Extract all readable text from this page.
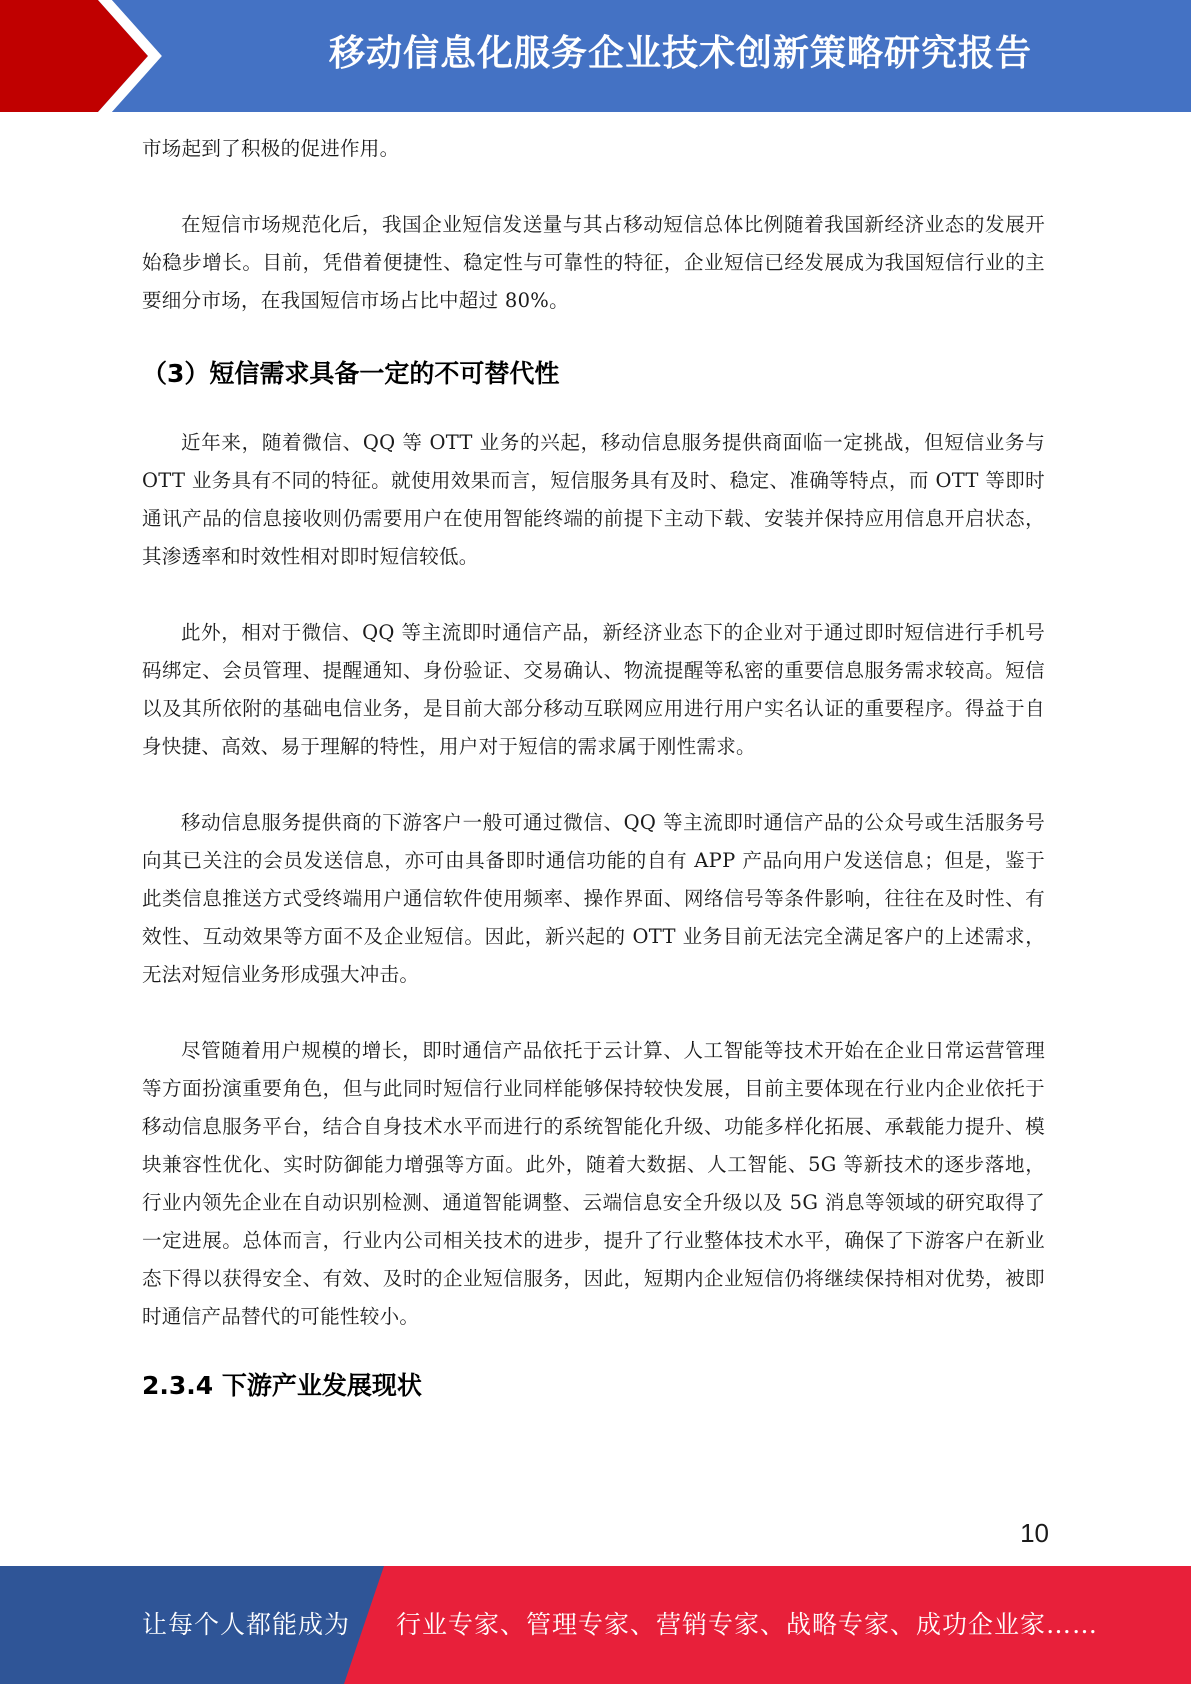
移动信息化服务企业技术创新策略研究报告

市场起到了积极的促进作用。

在短信市场规范化后，我国企业短信发送量与其占移动短信总体比例随着我国新经济业态的发展开始稳步增长。目前，凭借着便捷性、稳定性与可靠性的特征，企业短信已经发展成为我国短信行业的主要细分市场，在我国短信市场占比中超过 80%。

（3）短信需求具备一定的不可替代性

近年来，随着微信、QQ 等 OTT 业务的兴起，移动信息服务提供商面临一定挑战，但短信业务与 OTT 业务具有不同的特征。就使用效果而言，短信服务具有及时、稳定、准确等特点，而 OTT 等即时通讯产品的信息接收则仍需要用户在使用智能终端的前提下主动下载、安装并保持应用信息开启状态，其渗透率和时效性相对即时短信较低。

此外，相对于微信、QQ 等主流即时通信产品，新经济业态下的企业对于通过即时短信进行手机号码绑定、会员管理、提醒通知、身份验证、交易确认、物流提醒等私密的重要信息服务需求较高。短信以及其所依附的基础电信业务，是目前大部分移动互联网应用进行用户实名认证的重要程序。得益于自身快捷、高效、易于理解的特性，用户对于短信的需求属于刚性需求。

移动信息服务提供商的下游客户一般可通过微信、QQ 等主流即时通信产品的公众号或生活服务号向其已关注的会员发送信息，亦可由具备即时通信功能的自有 APP 产品向用户发送信息；但是，鉴于此类信息推送方式受终端用户通信软件使用频率、操作界面、网络信号等条件影响，往往在及时性、有效性、互动效果等方面不及企业短信。因此，新兴起的 OTT 业务目前无法完全满足客户的上述需求，无法对短信业务形成强大冲击。

尽管随着用户规模的增长，即时通信产品依托于云计算、人工智能等技术开始在企业日常运营管理等方面扮演重要角色，但与此同时短信行业同样能够保持较快发展，目前主要体现在行业内企业依托于移动信息服务平台，结合自身技术水平而进行的系统智能化升级、功能多样化拓展、承载能力提升、模块兼容性优化、实时防御能力增强等方面。此外，随着大数据、人工智能、5G 等新技术的逐步落地，行业内领先企业在自动识别检测、通道智能调整、云端信息安全升级以及 5G 消息等领域的研究取得了一定进展。总体而言，行业内公司相关技术的进步，提升了行业整体技术水平，确保了下游客户在新业态下得以获得安全、有效、及时的企业短信服务，因此，短期内企业短信仍将继续保持相对优势，被即时通信产品替代的可能性较小。

2.3.4 下游产业发展现状
10
让每个人都能成为 行业专家、管理专家、营销专家、战略专家、成功企业家……
